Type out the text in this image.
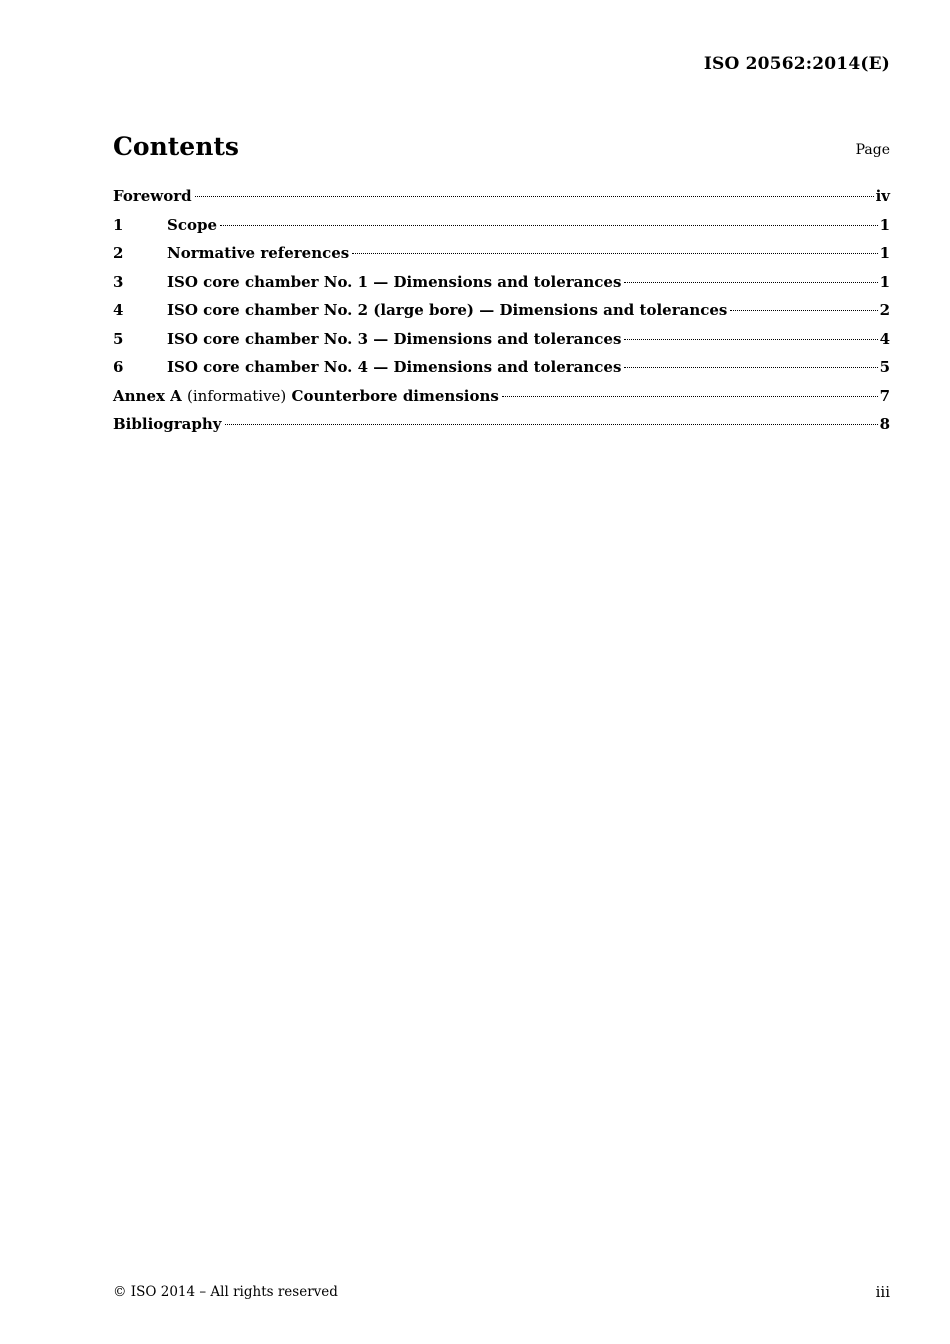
ISO 20562:2014(E)
Contents	Page
Foreword	iv
1	Scope	1
2	Normative references	1
3	ISO core chamber No. 1 — Dimensions and tolerances	1
4	ISO core chamber No. 2 (large bore) — Dimensions and tolerances	2
5	ISO core chamber No. 3 — Dimensions and tolerances	4
6	ISO core chamber No. 4 — Dimensions and tolerances	5
Annex A (informative) Counterbore dimensions	7
Bibliography	8
© ISO 2014 – All rights reserved	iii
